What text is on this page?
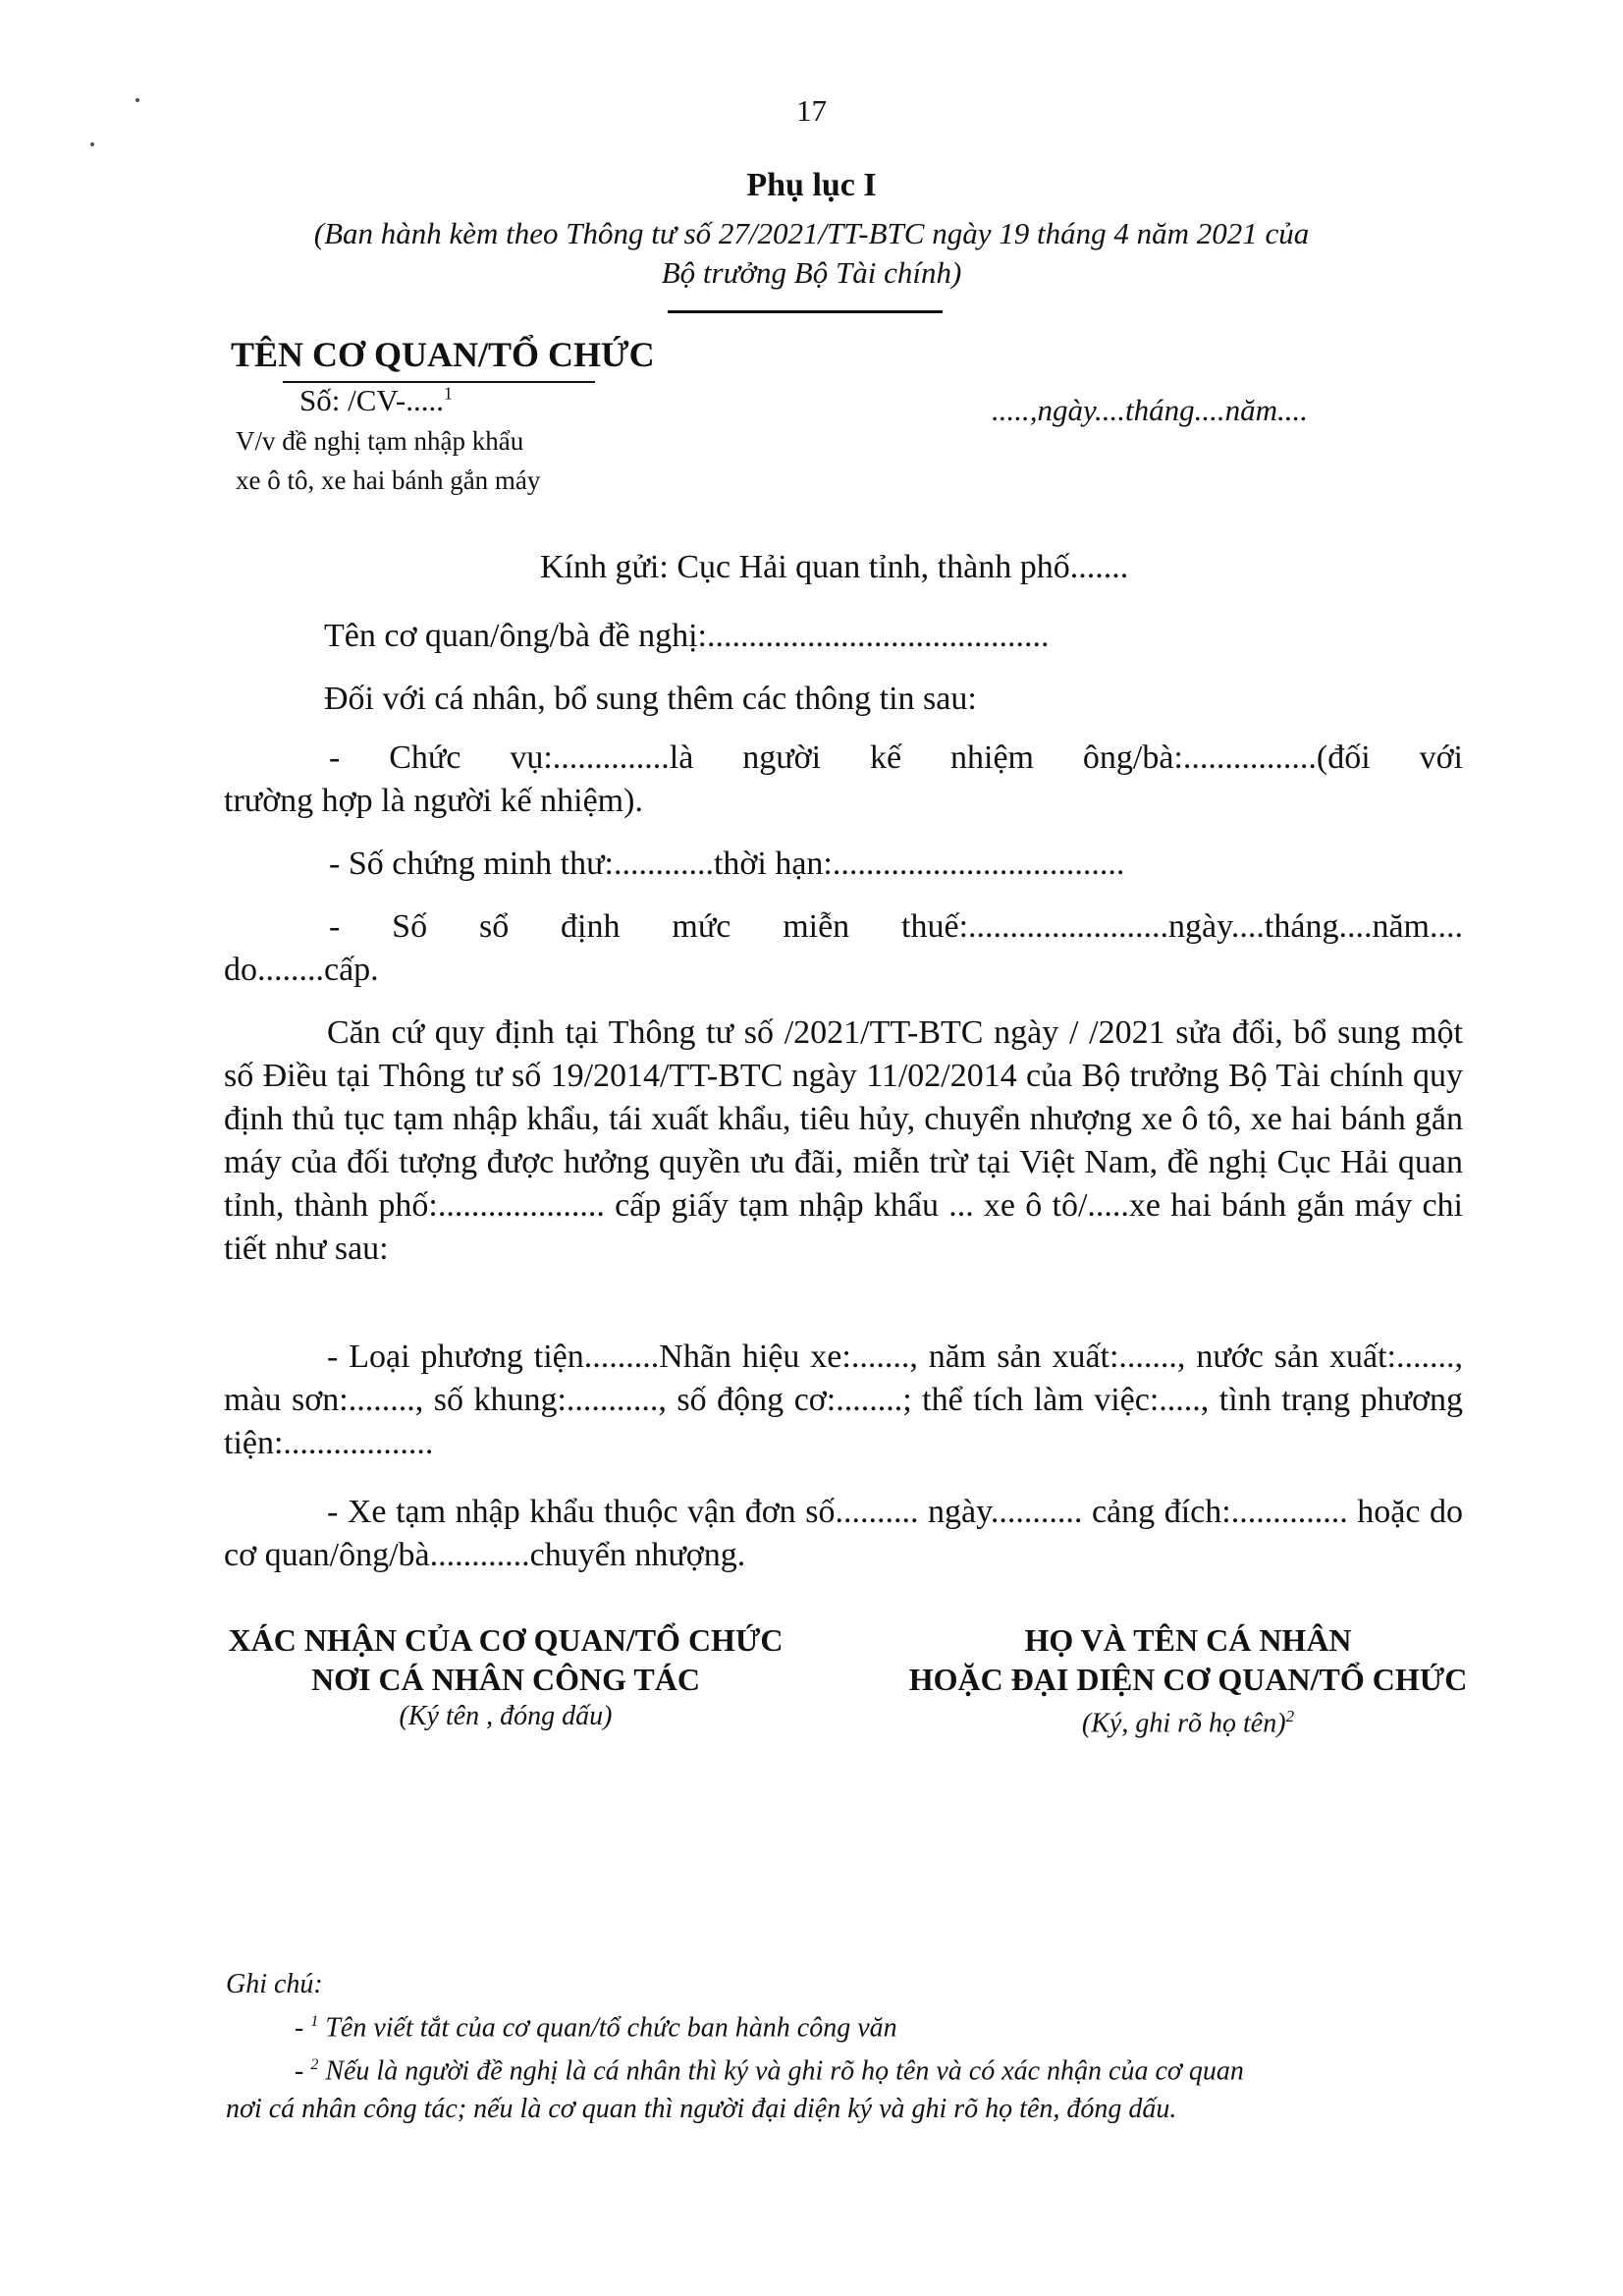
17
Phụ lục I
(Ban hành kèm theo Thông tư số 27/2021/TT-BTC ngày 19 tháng 4 năm 2021 của
Bộ trưởng Bộ Tài chính)
TÊN CƠ QUAN/TỔ CHỨC
Số: /CV-.....$^1$	.....,ngày....tháng....năm....
V/v đề nghị tạm nhập khẩu
xe ô tô, xe hai bánh gắn máy
Kính gửi: Cục Hải quan tỉnh, thành phố.......
Tên cơ quan/ông/bà đề nghị:.........................................
Đối với cá nhân, bổ sung thêm các thông tin sau:
- Chức vụ:..............là người kế nhiệm ông/bà:................(đối với
trường hợp là người kế nhiệm).
- Số chứng minh thư:............thời hạn:...................................
- Số sổ định mức miễn thuế:........................ngày....tháng....năm....
do........cấp.
Căn cứ quy định tại Thông tư số /2021/TT-BTC ngày / /2021 sửa đổi, bổ sung một số Điều tại Thông tư số 19/2014/TT-BTC ngày 11/02/2014 của Bộ trưởng Bộ Tài chính quy định thủ tục tạm nhập khẩu, tái xuất khẩu, tiêu hủy, chuyển nhượng xe ô tô, xe hai bánh gắn máy của đối tượng được hưởng quyền ưu đãi, miễn trừ tại Việt Nam, đề nghị Cục Hải quan tỉnh, thành phố:.................... cấp giấy tạm nhập khẩu ... xe ô tô/.....xe hai bánh gắn máy chi tiết như sau:
- Loại phương tiện.........Nhãn hiệu xe:......., năm sản xuất:......., nước sản xuất:......., màu sơn:........, số khung:..........., số động cơ:........; thể tích làm việc:....., tình trạng phương tiện:..................
- Xe tạm nhập khẩu thuộc vận đơn số.......... ngày........... cảng đích:.............. hoặc do cơ quan/ông/bà............chuyển nhượng.
XÁC NHẬN CỦA CƠ QUAN/TỔ CHỨC
NƠI CÁ NHÂN CÔNG TÁC
(Ký tên , đóng dấu)
HỌ VÀ TÊN CÁ NHÂN
HOẶC ĐẠI DIỆN CƠ QUAN/TỔ CHỨC
(Ký, ghi rõ họ tên)$^2$
Ghi chú:
- $^1$ Tên viết tắt của cơ quan/tổ chức ban hành công văn
- $^2$ Nếu là người đề nghị là cá nhân thì ký và ghi rõ họ tên và có xác nhận của cơ quan
nơi cá nhân công tác; nếu là cơ quan thì người đại diện ký và ghi rõ họ tên, đóng dấu.
